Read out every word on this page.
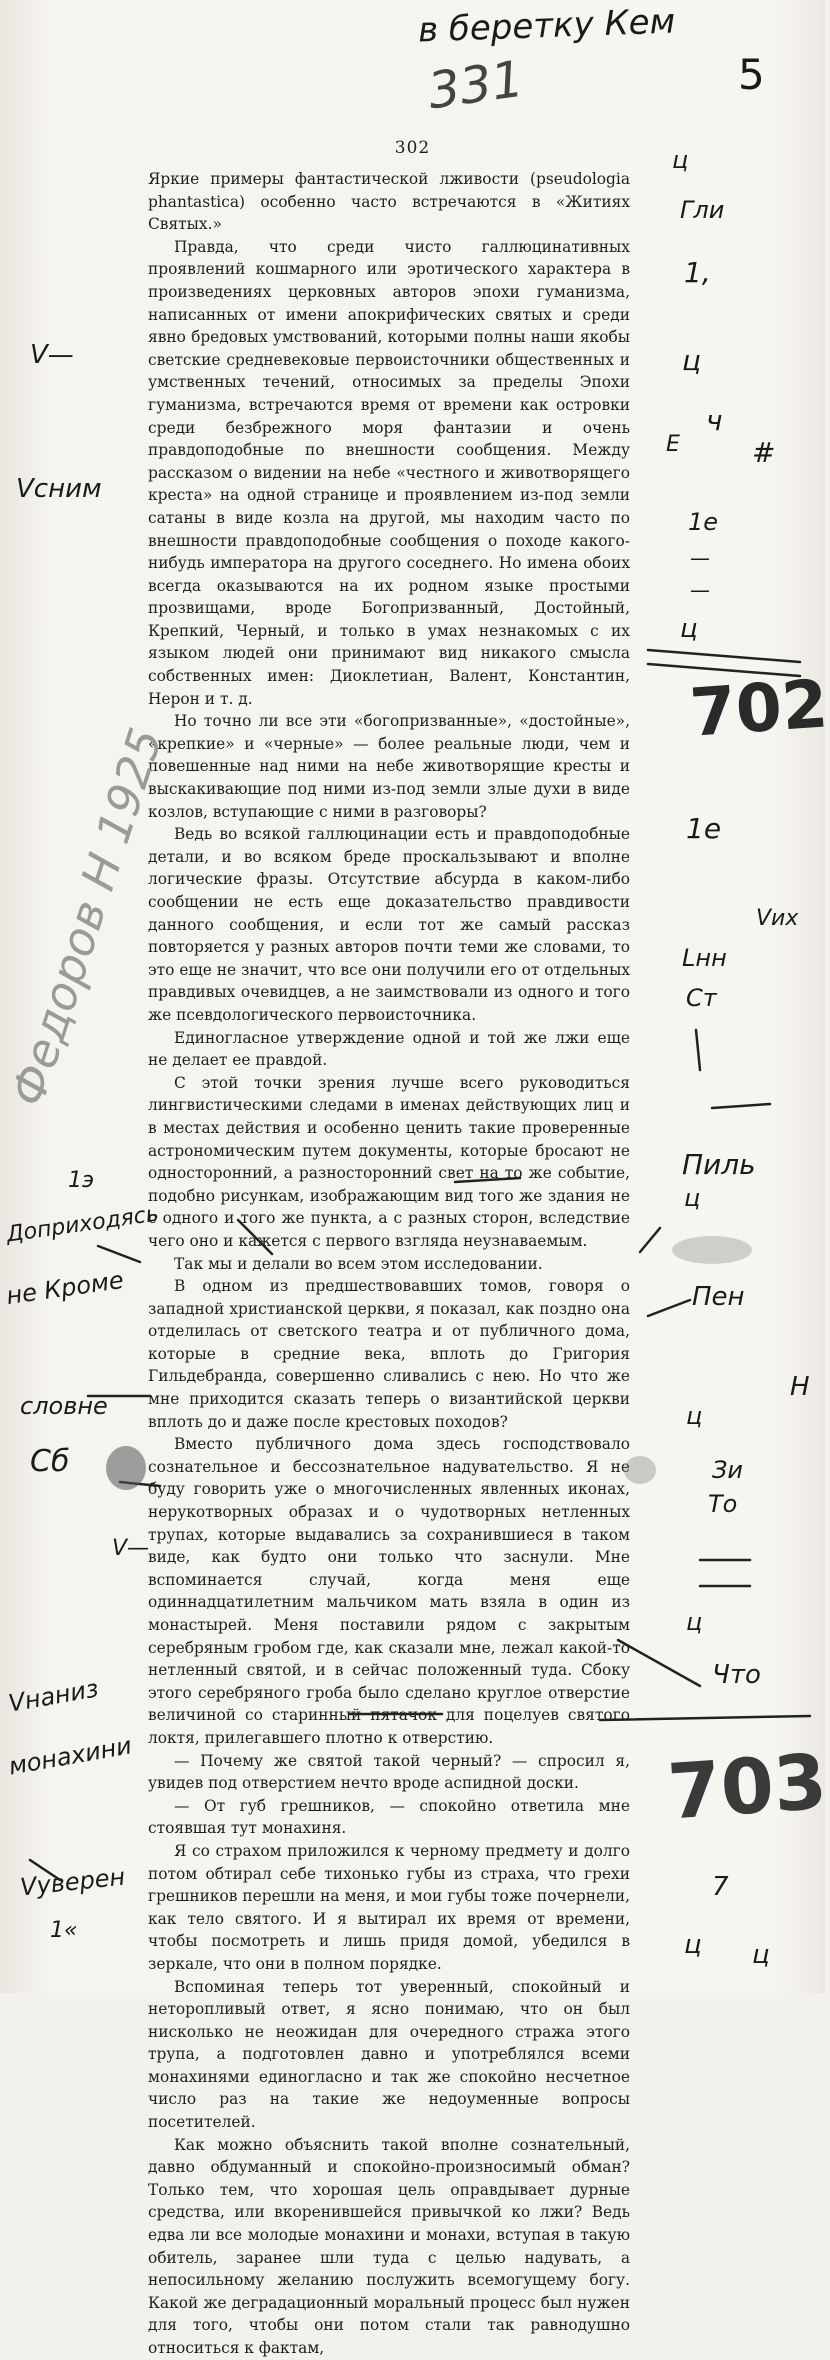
302

Яркие примеры фантастической лживости (pseudologia phantastica) особенно часто встречаются в «Житиях Святых.»

Правда, что среди чисто галлюцинативных проявлений кошмарного или эротического характера в произведениях церковных авторов эпохи гуманизма, написанных от имени апокрифических святых и среди явно бредовых умствований, которыми полны наши якобы светские средневековые первоисточники общественных и умственных течений, относимых за пределы Эпохи гуманизма, встречаются время от времени как островки среди безбрежного моря фантазии и очень правдоподобные по внешности сообщения. Между рассказом о видении на небе «честного и животворящего креста» на одной странице и проявлением из-под земли сатаны в виде козла на другой, мы находим часто по внешности правдоподобные сообщения о походе какого-нибудь императора на другого соседнего. Но имена обоих всегда оказываются на их родном языке простыми прозвищами, вроде Богопризванный, Достойный, Крепкий, Черный, и только в умах незнакомых с их языком людей они принимают вид никакого смысла собственных имен: Диоклетиан, Валент, Константин, Нерон и т. д.

Но точно ли все эти «богопризванные», «достойные», «крепкие» и «черные» — более реальные люди, чем и повешенные над ними на небе животворящие кресты и выскакивающие под ними из-под земли злые духи в виде козлов, вступающие с ними в разговоры?

Ведь во всякой галлюцинации есть и правдоподобные детали, и во всяком бреде проскальзывают и вполне логические фразы. Отсутствие абсурда в каком-либо сообщении не есть еще доказательство правдивости данного сообщения, и если тот же самый рассказ повторяется у разных авторов почти теми же словами, то это еще не значит, что все они получили его от отдельных правдивых очевидцев, а не заимствовали из одного и того же псевдологического первоисточника.

Единогласное утверждение одной и той же лжи еще не делает ее правдой.

С этой точки зрения лучше всего руководиться лингвистическими следами в именах действующих лиц и в местах действия и особенно ценить такие проверенные астрономическим путем документы, которые бросают не односторонний, а разносторонний свет на то же событие, подобно рисункам, изображающим вид того же здания не с одного и того же пункта, а с разных сторон, вследствие чего оно и кажется с первого взгляда неузнаваемым.

Так мы и делали во всем этом исследовании.

В одном из предшествовавших томов, говоря о западной христианской церкви, я показал, как поздно она отделилась от светского театра и от публичного дома, которые в средние века, вплоть до Григория Гильдебранда, совершенно сливались с нею. Но что же мне приходится сказать теперь о византийской церкви вплоть до и даже после крестовых походов?

Вместо публичного дома здесь господствовало сознательное и бессознательное надувательство. Я не буду говорить уже о многочисленных явленных иконах, нерукотворных образах и о чудотворных нетленных трупах, которые выдавались за сохранившиеся в таком виде, как будто они только что заснули. Мне вспоминается случай, когда меня еще одиннадцатилетним мальчиком мать взяла в один из монастырей. Меня поставили рядом с закрытым серебряным гробом где, как сказали мне, лежал какой-то нетленный святой, и в сейчас положенный туда. Сбоку этого серебряного гроба было сделано круглое отверстие величиной со старинный пятачок для поцелуев святого локтя, прилегавшего плотно к отверстию.

— Почему же святой такой черный? — спросил я, увидев под отверстием нечто вроде аспидной доски.

— От губ грешников, — спокойно ответила мне стоявшая тут монахиня.

Я со страхом приложился к черному предмету и долго потом обтирал себе тихонько губы из страха, что грехи грешников перешли на меня, и мои губы тоже почернели, как тело святого. И я вытирал их время от времени, чтобы посмотреть и лишь придя домой, убедился в зеркале, что они в полном порядке.

Вспоминая теперь тот уверенный, спокойный и неторопливый ответ, я ясно понимаю, что он был нисколько не неожидан для очередного стража этого трупа, а подготовлен давно и употреблялся всеми монахинями единогласно и так же спокойно несчетное число раз на такие же недоуменные вопросы посетителей.

Как можно объяснить такой вполне сознательный, давно обдуманный и спокойно-произносимый обман? Только тем, что хорошая цель оправдывает дурные средства, или вкоренившейся привычкой ко лжи? Ведь едва ли все молодые монахини и монахи, вступая в такую обитель, заранее шли туда с целью надувать, а непосильному желанию послужить всемогущему богу. Какой же деградационный моральный процесс был нужен для того, чтобы они потом стали так равнодушно относиться к фактам,

в беретку Кем
5
331
702
703
Федоров Н 1925
ц
Гли
1,
ц
ч
Е	#
1е
—
—
ц
1е
Vих
Lнн
Ст
Пиль
ц
Пен
Н
ц
Зи
То
ц
Что
7
ц ц
V—
Vсним
1э
Доприходясь
не Кроме
словне
Сб
V—
Vнаниз
монахини
Vуверен
1«
